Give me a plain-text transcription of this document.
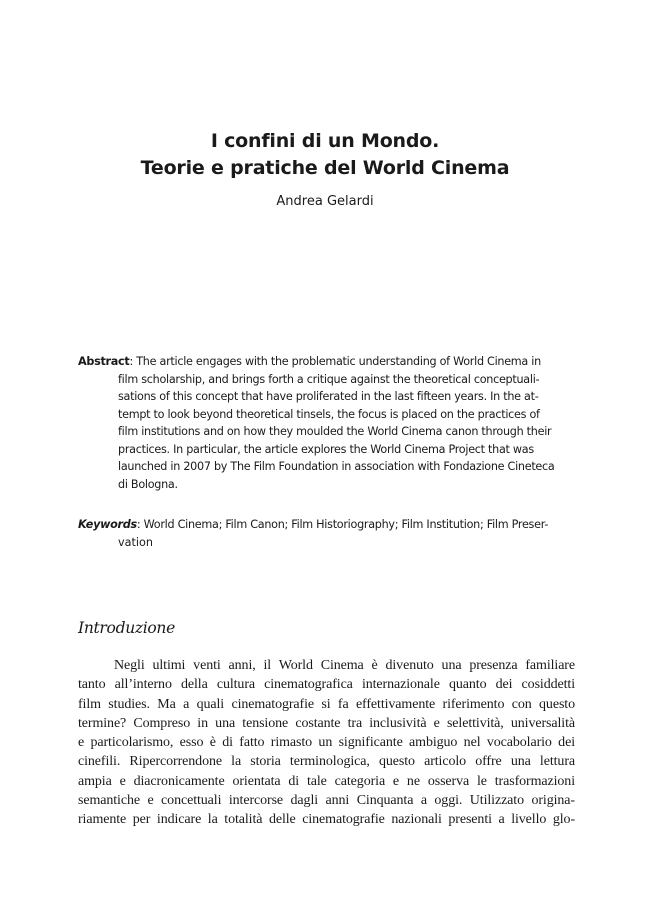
I confini di un Mondo.
Teorie e pratiche del World Cinema
Andrea Gelardi
Abstract: The article engages with the problematic understanding of World Cinema in
film scholarship, and brings forth a critique against the theoretical conceptuali-
sations of this concept that have proliferated in the last fifteen years. In the at-
tempt to look beyond theoretical tinsels, the focus is placed on the practices of
film institutions and on how they moulded the World Cinema canon through their
practices. In particular, the article explores the World Cinema Project that was
launched in 2007 by The Film Foundation in association with Fondazione Cineteca
di Bologna.
Keywords: World Cinema; Film Canon; Film Historiography; Film Institution; Film Preser-
vation
Introduzione
Negli ultimi venti anni, il World Cinema è divenuto una presenza familiare
tanto all’interno della cultura cinematografica internazionale quanto dei cosiddetti
film studies. Ma a quali cinematografie si fa effettivamente riferimento con questo
termine? Compreso in una tensione costante tra inclusività e selettività, universalità
e particolarismo, esso è di fatto rimasto un significante ambiguo nel vocabolario dei
cinefili. Ripercorrendone la storia terminologica, questo articolo offre una lettura
ampia e diacronicamente orientata di tale categoria e ne osserva le trasformazioni
semantiche e concettuali intercorse dagli anni Cinquanta a oggi. Utilizzato origina-
riamente per indicare la totalità delle cinematografie nazionali presenti a livello glo-
